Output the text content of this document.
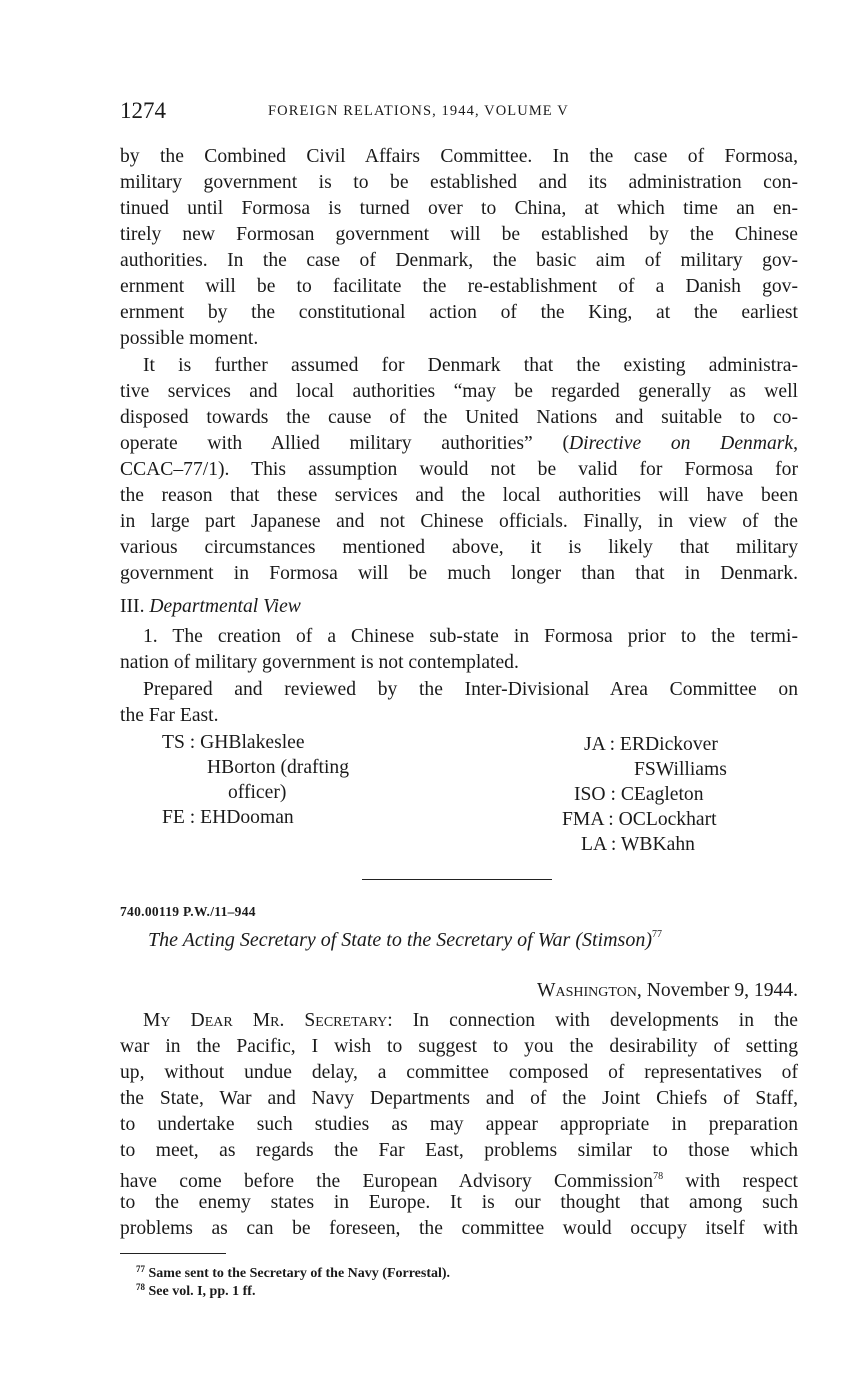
1274	FOREIGN RELATIONS, 1944, VOLUME V
by the Combined Civil Affairs Committee. In the case of Formosa,
military government is to be established and its administration con-
tinued until Formosa is turned over to China, at which time an en-
tirely new Formosan government will be established by the Chinese
authorities. In the case of Denmark, the basic aim of military gov-
ernment will be to facilitate the re-establishment of a Danish gov-
ernment by the constitutional action of the King, at the earliest
possible moment.
It is further assumed for Denmark that the existing administra-
tive services and local authorities “may be regarded generally as well
disposed towards the cause of the United Nations and suitable to co-
operate with Allied military authorities” (Directive on Denmark,
CCAC–77/1). This assumption would not be valid for Formosa for
the reason that these services and the local authorities will have been
in large part Japanese and not Chinese officials. Finally, in view of the
various circumstances mentioned above, it is likely that military
government in Formosa will be much longer than that in Denmark.
III. Departmental View
1. The creation of a Chinese sub-state in Formosa prior to the termi-
nation of military government is not contemplated.
Prepared and reviewed by the Inter-Divisional Area Committee on
the Far East.
TS : GHBlakeslee
HBorton (drafting
officer)
FE : EHDooman
JA : ERDickover
FSWilliams
ISO : CEagleton
FMA : OCLockhart
LA : WBKahn
740.00119 P.W./11–944
The Acting Secretary of State to the Secretary of War (Stimson)$^{77}$
Washington, November 9, 1944.
My Dear Mr. Secretary: In connection with developments in the
war in the Pacific, I wish to suggest to you the desirability of setting
up, without undue delay, a committee composed of representatives of
the State, War and Navy Departments and of the Joint Chiefs of Staff,
to undertake such studies as may appear appropriate in preparation
to meet, as regards the Far East, problems similar to those which
have come before the European Advisory Commission$^{78}$ with respect
to the enemy states in Europe. It is our thought that among such
problems as can be foreseen, the committee would occupy itself with
$^{77}$ Same sent to the Secretary of the Navy (Forrestal).
$^{78}$ See vol. I, pp. 1 ff.
